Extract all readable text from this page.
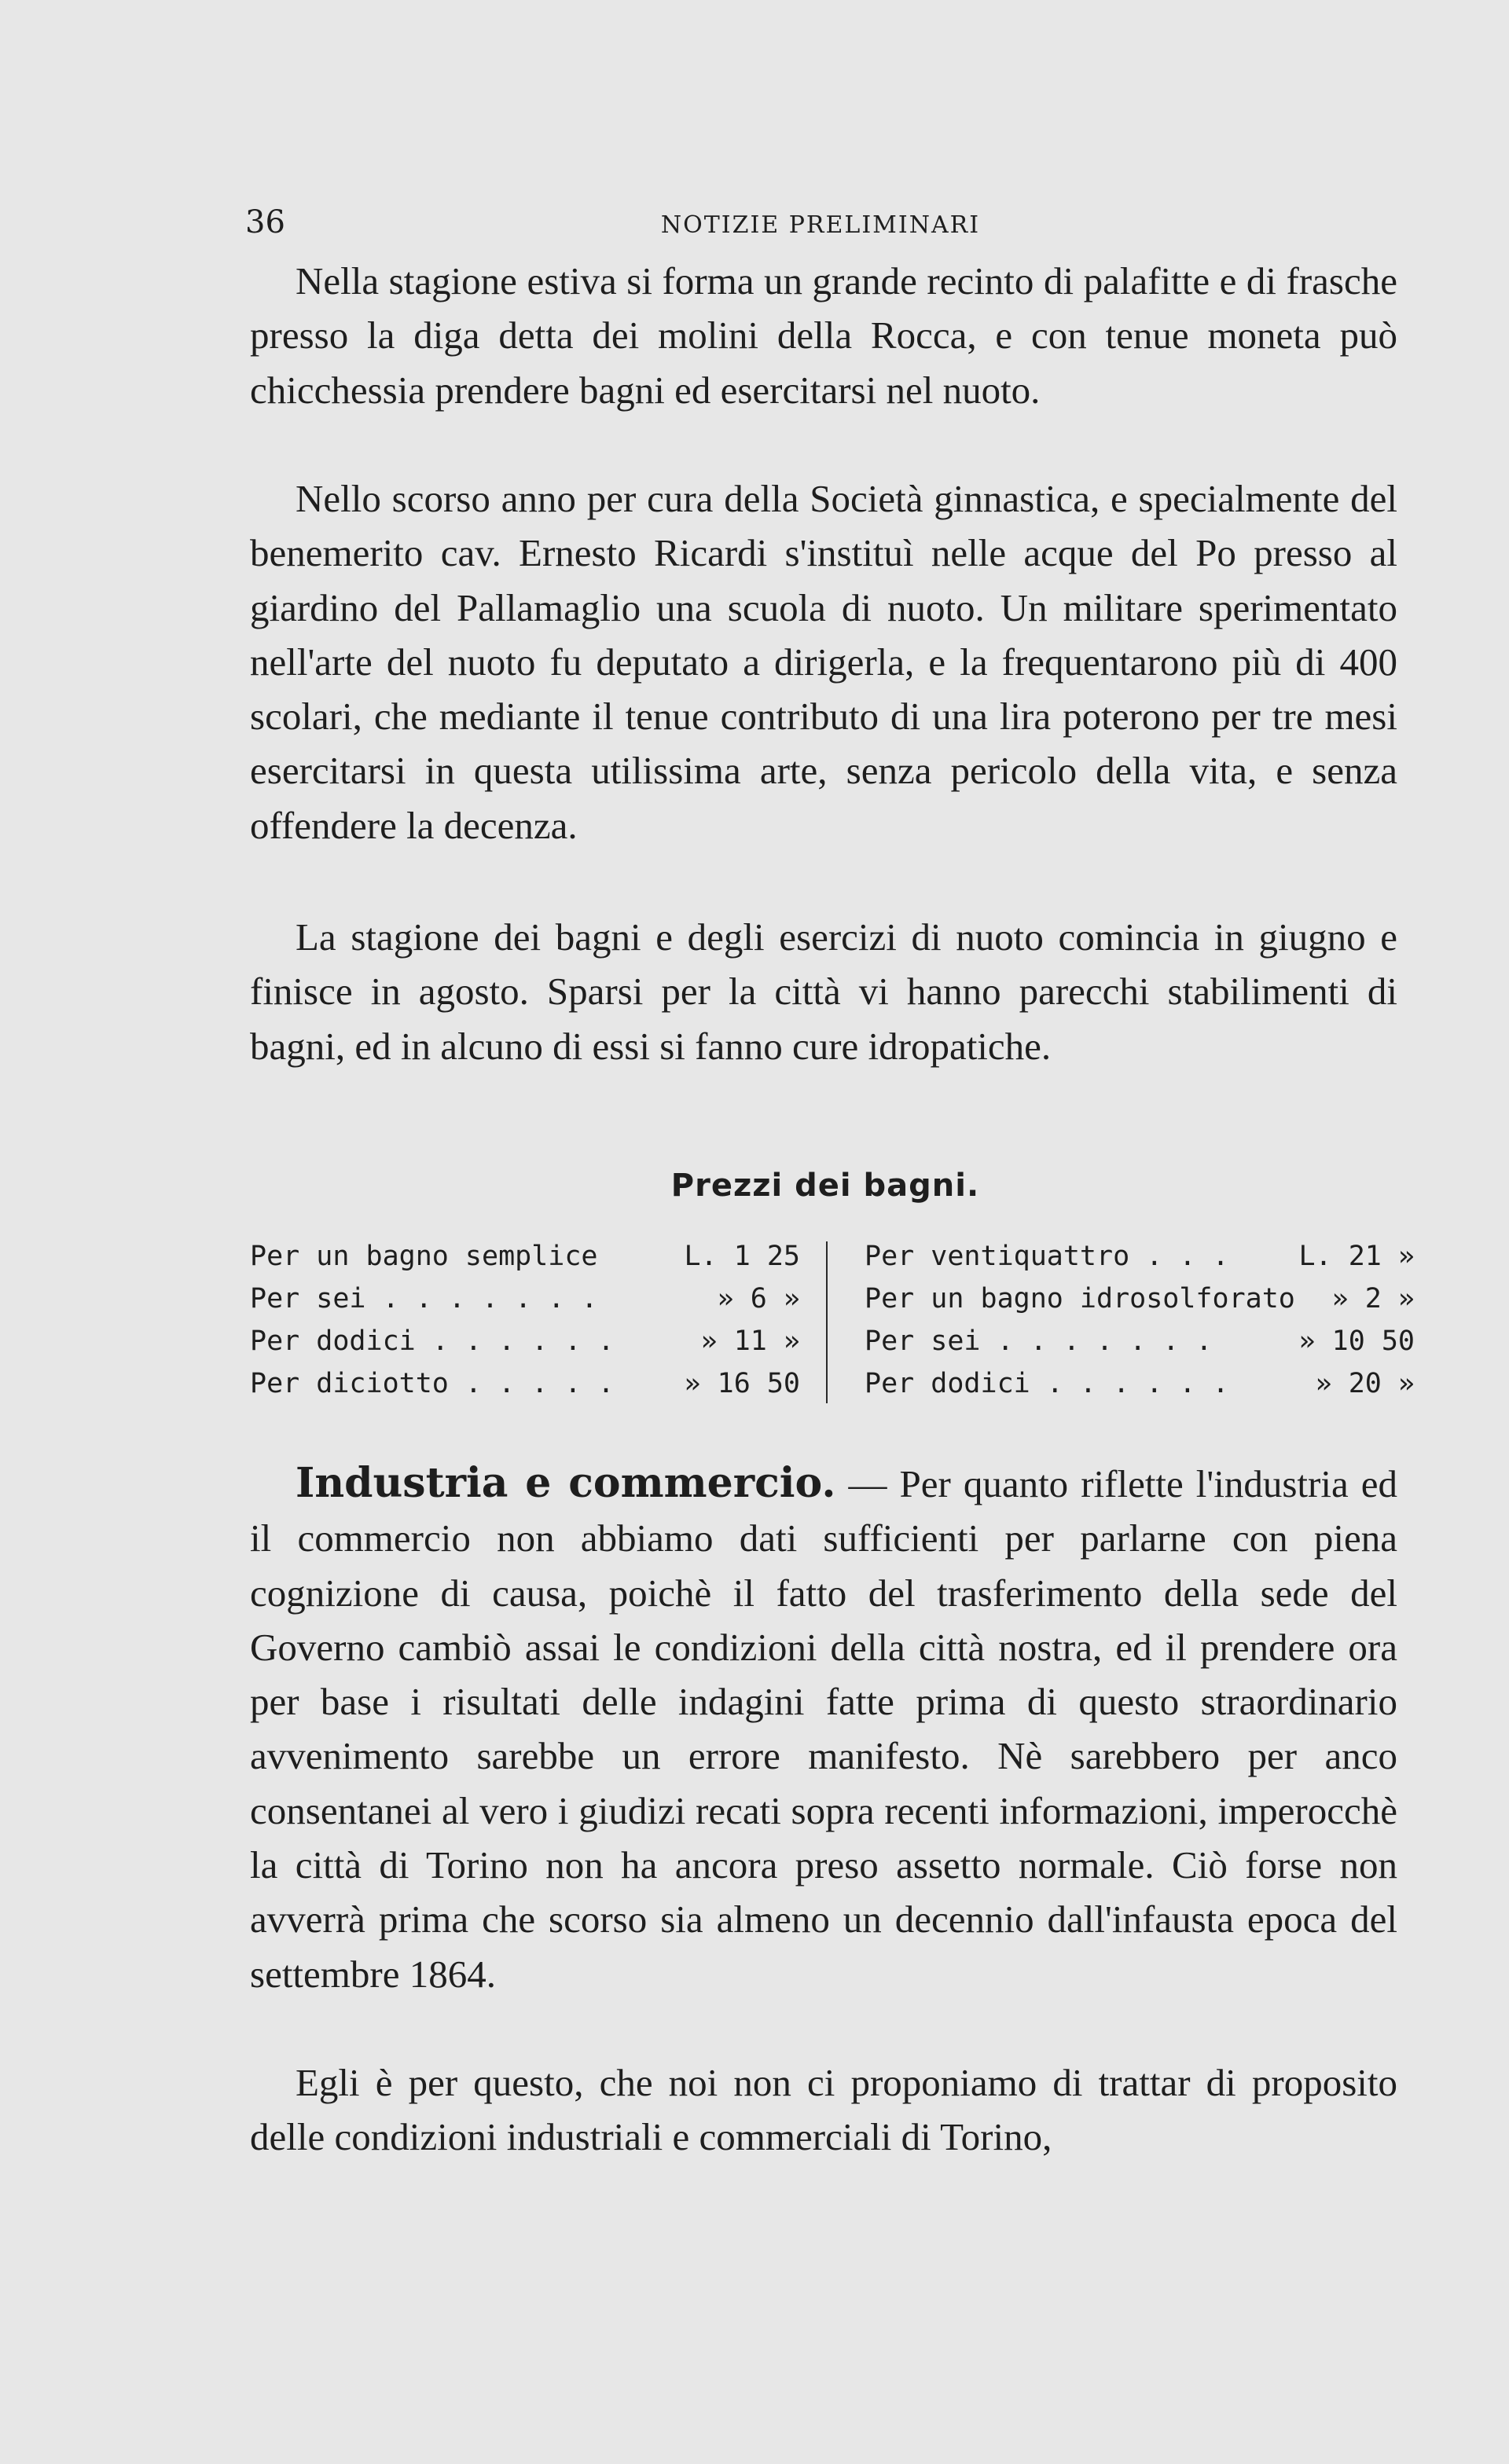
36	NOTIZIE PRELIMINARI

Nella stagione estiva si forma un grande recinto di palafitte e di frasche presso la diga detta dei molini della Rocca, e con tenue moneta può chicchessia prendere bagni ed esercitarsi nel nuoto.

Nello scorso anno per cura della Società ginnastica, e specialmente del benemerito cav. Ernesto Ricardi s'instituì nelle acque del Po presso al giardino del Pallamaglio una scuola di nuoto. Un militare sperimentato nell'arte del nuoto fu deputato a dirigerla, e la frequentarono più di 400 scolari, che mediante il tenue contributo di una lira poterono per tre mesi esercitarsi in questa utilissima arte, senza pericolo della vita, e senza offendere la decenza.

La stagione dei bagni e degli esercizi di nuoto comincia in giugno e finisce in agosto. Sparsi per la città vi hanno parecchi stabilimenti di bagni, ed in alcuno di essi si fanno cure idropatiche.

Prezzi dei bagni.
Per un bagno semplice	L. 1 25
Per sei . . . . . . .	» 6 »
Per dodici . . . . . .	» 11 »
Per diciotto . . . . .	» 16 50
Per ventiquattro . . .	L. 21 »
Per un bagno idrosolforato » 2 »
Per sei . . . . . . .	» 10 50
Per dodici . . . . . .	» 20 »

Industria e commercio. — Per quanto riflette l'industria ed il commercio non abbiamo dati sufficienti per parlarne con piena cognizione di causa, poichè il fatto del trasferimento della sede del Governo cambiò assai le condizioni della città nostra, ed il prendere ora per base i risultati delle indagini fatte prima di questo straordinario avvenimento sarebbe un errore manifesto. Nè sarebbero per anco consentanei al vero i giudizi recati sopra recenti informazioni, imperocchè la città di Torino non ha ancora preso assetto normale. Ciò forse non avverrà prima che scorso sia almeno un decennio dall'infausta epoca del settembre 1864.

Egli è per questo, che noi non ci proponiamo di trattar di proposito delle condizioni industriali e commerciali di Torino,
